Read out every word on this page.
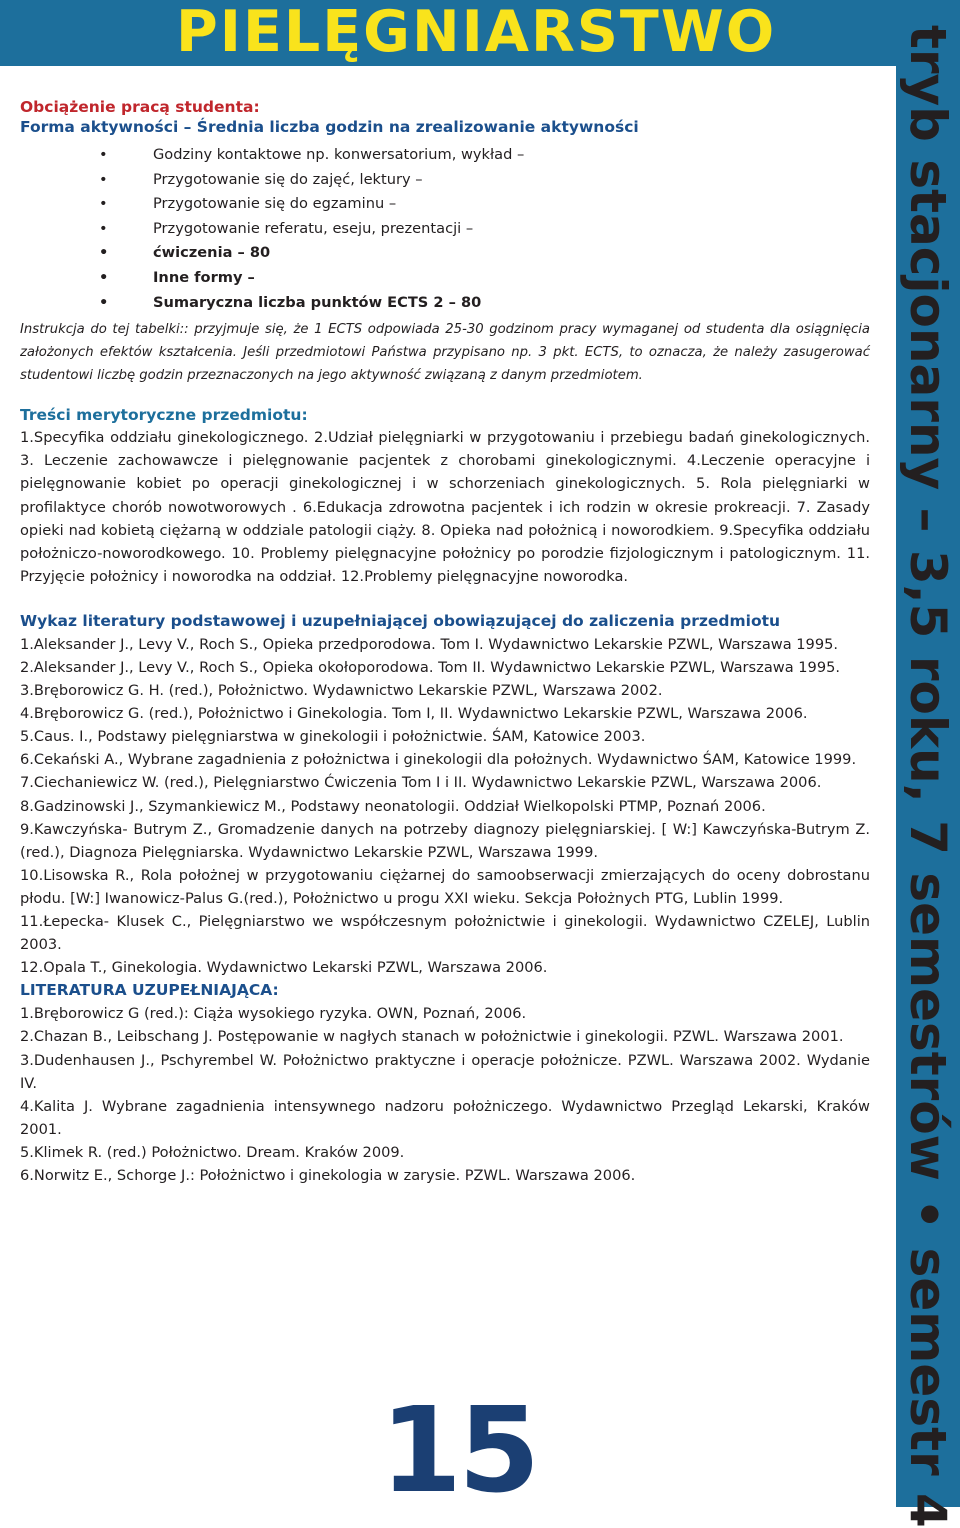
PIELĘGNIARSTWO tryb stacjonarny – 3,5 roku, 7 semestrów • semestr 4
Obciążenie pracą studenta:
Forma aktywności – Średnia liczba godzin na zrealizowanie aktywności
• Godziny kontaktowe np. konwersatorium, wykład –
• Przygotowanie się do zajęć, lektury –
• Przygotowanie się do egzaminu –
• Przygotowanie referatu, eseju, prezentacji –
• ćwiczenia – 80
• Inne formy –
• Sumaryczna liczba punktów ECTS 2 – 80
Instrukcja do tej tabelki:: przyjmuje się, że 1 ECTS odpowiada 25-30 godzinom pracy wymaganej od studenta dla osiągnięcia założonych efektów kształcenia. Jeśli przedmiotowi Państwa przypisano np. 3 pkt. ECTS, to oznacza, że należy zasugerować studentowi liczbę godzin przeznaczonych na jego aktywność związaną z danym przedmiotem.
Treści merytoryczne przedmiotu:
1.Specyfika oddziału ginekologicznego. 2.Udział pielęgniarki w przygotowaniu i przebiegu badań ginekologicznych. 3. Leczenie zachowawcze i pielęgnowanie pacjentek z chorobami ginekologicznymi. 4.Leczenie operacyjne i pielęgnowanie kobiet po operacji ginekologicznej i w schorzeniach ginekologicznych. 5. Rola pielęgniarki w profilaktyce chorób nowotworowych . 6.Edukacja zdrowotna pacjentek i ich rodzin w okresie prokreacji. 7. Zasady opieki nad kobietą ciężarną w oddziale patologii ciąży. 8. Opieka nad położnicą i noworodkiem. 9.Specyfika oddziału położniczo-noworodkowego. 10. Problemy pielęgnacyjne położnicy po porodzie fizjologicznym i patologicznym. 11. Przyjęcie położnicy i noworodka na oddział. 12.Problemy pielęgnacyjne noworodka.
Wykaz literatury podstawowej i uzupełniającej obowiązującej do zaliczenia przedmiotu
1.Aleksander J., Levy V., Roch S., Opieka przedporodowa. Tom I. Wydawnictwo Lekarskie PZWL, Warszawa 1995.
2.Aleksander J., Levy V., Roch S., Opieka okołoporodowa. Tom II. Wydawnictwo Lekarskie PZWL, Warszawa 1995.
3.Bręborowicz G. H. (red.), Położnictwo. Wydawnictwo Lekarskie PZWL, Warszawa 2002.
4.Bręborowicz G. (red.), Położnictwo i Ginekologia. Tom I, II. Wydawnictwo Lekarskie PZWL, Warszawa 2006.
5.Caus. I., Podstawy pielęgniarstwa w ginekologii i położnictwie. ŚAM, Katowice 2003.
6.Cekański A., Wybrane zagadnienia z położnictwa i ginekologii dla położnych. Wydawnictwo ŚAM, Katowice 1999.
7.Ciechaniewicz W. (red.), Pielęgniarstwo Ćwiczenia Tom I i II. Wydawnictwo Lekarskie PZWL, Warszawa 2006.
8.Gadzinowski J., Szymankiewicz M., Podstawy neonatologii. Oddział Wielkopolski PTMP, Poznań 2006.
9.Kawczyńska- Butrym Z., Gromadzenie danych na potrzeby diagnozy pielęgniarskiej. [ W:] Kawczyńska-Butrym Z.(red.), Diagnoza Pielęgniarska. Wydawnictwo Lekarskie PZWL, Warszawa 1999.
10.Lisowska R., Rola położnej w przygotowaniu ciężarnej do samoobserwacji zmierzających do oceny dobrostanu płodu. [W:] Iwanowicz-Palus G.(red.), Położnictwo u progu XXI wieku. Sekcja Położnych PTG, Lublin 1999.
11.Łepecka- Klusek C., Pielęgniarstwo we współczesnym położnictwie i ginekologii. Wydawnictwo CZELEJ, Lublin 2003.
12.Opala T., Ginekologia. Wydawnictwo Lekarski PZWL, Warszawa 2006.
LITERATURA UZUPEŁNIAJĄCA:
1.Bręborowicz G (red.): Ciąża wysokiego ryzyka. OWN, Poznań, 2006.
2.Chazan B., Leibschang J. Postępowanie w nagłych stanach w położnictwie i ginekologii. PZWL. Warszawa 2001.
3.Dudenhausen J., Pschyrembel W. Położnictwo praktyczne i operacje położnicze. PZWL. Warszawa 2002. Wydanie IV.
4.Kalita J. Wybrane zagadnienia intensywnego nadzoru położniczego. Wydawnictwo Przegląd Lekarski, Kraków 2001.
5.Klimek R. (red.) Położnictwo. Dream. Kraków 2009.
6.Norwitz E., Schorge J.: Położnictwo i ginekologia w zarysie. PZWL. Warszawa 2006.
15
